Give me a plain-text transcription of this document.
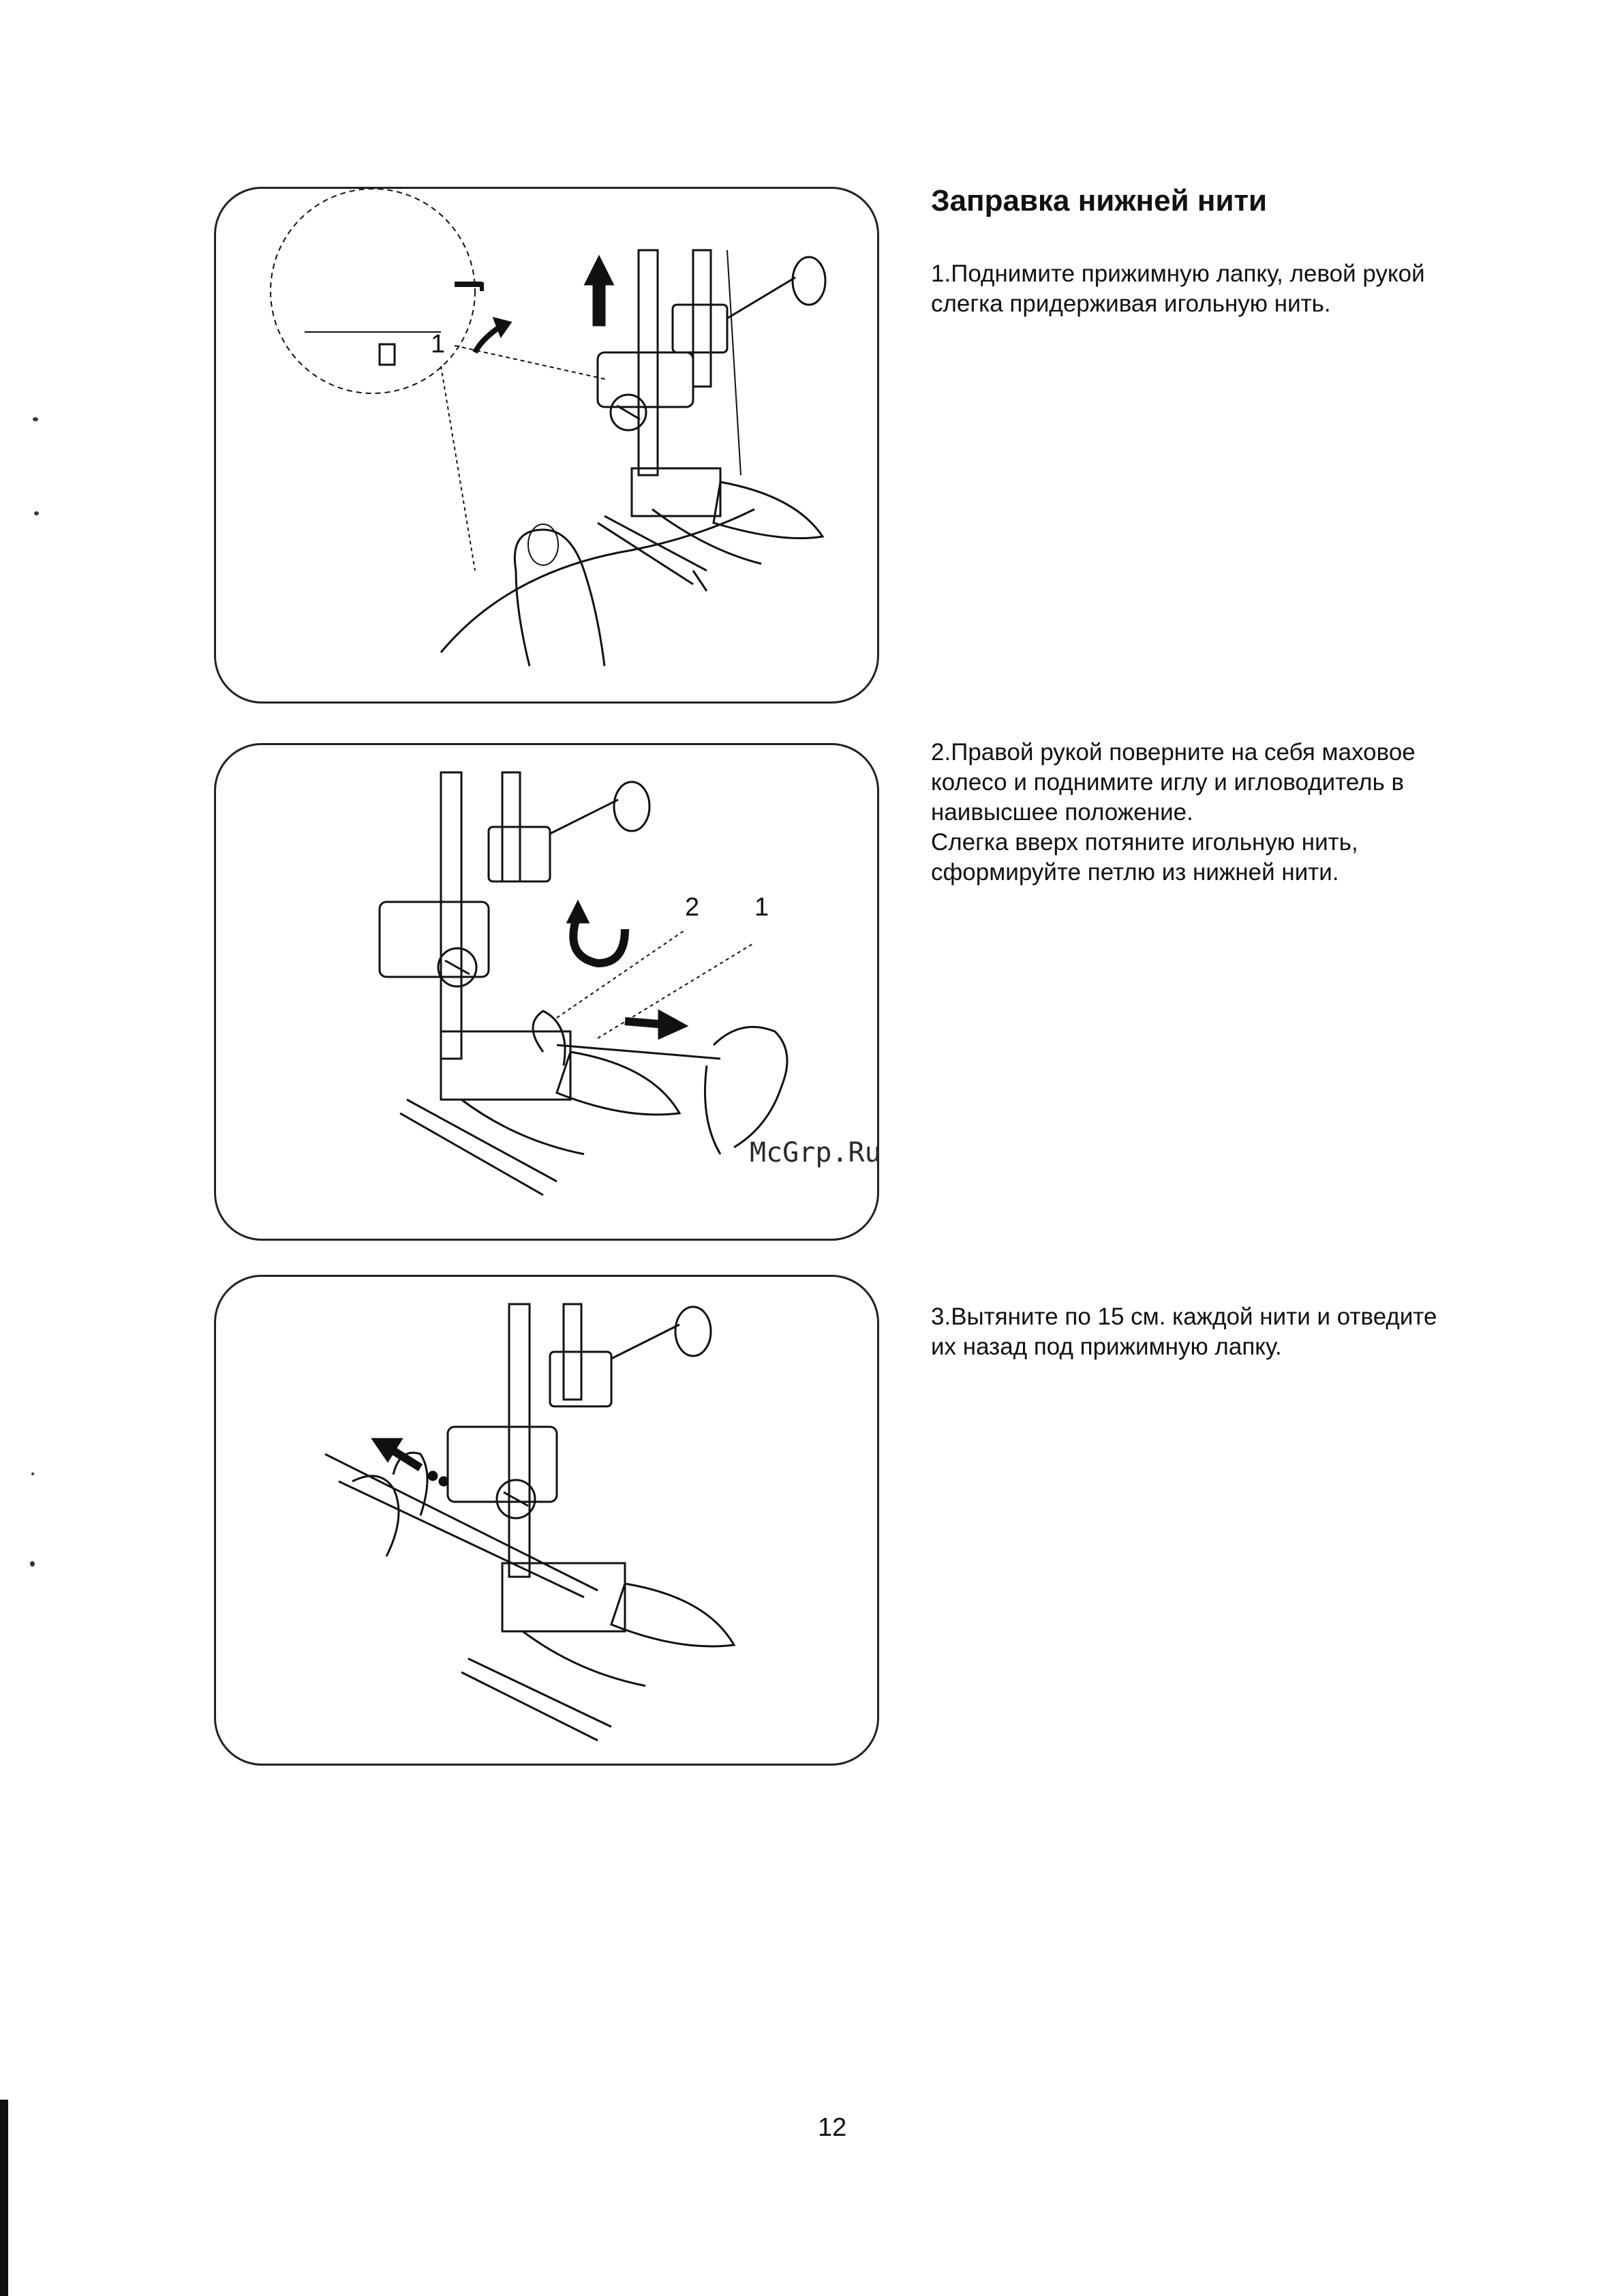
1
2 1
Заправка нижней нити

1.Поднимите прижимную лапку, левой рукой
слегка придерживая игольную нить.

2.Правой рукой поверните на себя маховое
колесо и поднимите иглу и игловодитель в
наивысшее положение.
Слегка вверх потяните игольную нить,
сформируйте петлю из нижней нити.

3.Вытяните по 15 см. каждой нити и отведите
их назад под прижимную лапку.

McGrp.Ru
12
